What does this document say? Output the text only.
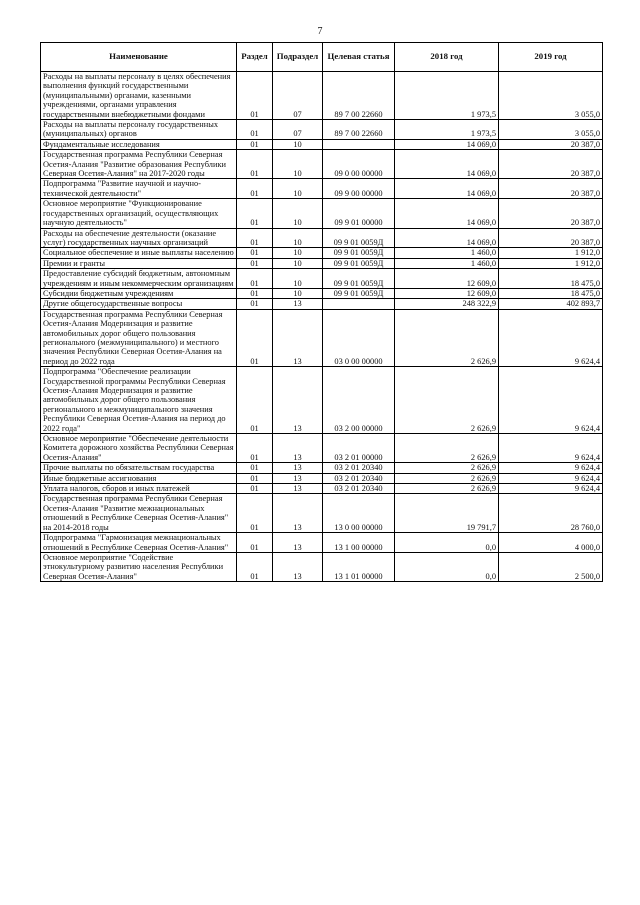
7
Наименование	Раздел	Подраздел	Целевая статья	2018 год	2019 год
Расходы на выплаты персоналу в целях обеспечения выполнения функций государственными (муниципальными) органами, казенными учреждениями, органами управления государственными внебюджетными фондами	01	07	89 7 00 22660	1 973,5	3 055,0
Расходы на выплаты персоналу государственных (муниципальных) органов	01	07	89 7 00 22660	1 973,5	3 055,0
Фундаментальные исследования	01	10		14 069,0	20 387,0
Государственная программа Республики Северная Осетия-Алания "Развитие образования Республики Северная Осетия-Алания" на 2017-2020 годы	01	10	09 0 00 00000	14 069,0	20 387,0
Подпрограмма "Развитие научной и научно-технической деятельности"	01	10	09 9 00 00000	14 069,0	20 387,0
Основное мероприятие "Функционирование государственных организаций, осуществляющих научную деятельность"	01	10	09 9 01 00000	14 069,0	20 387,0
Расходы на обеспечение деятельности (оказание услуг) государственных научных организаций	01	10	09 9 01 0059Д	14 069,0	20 387,0
Социальное обеспечение и иные выплаты населению	01	10	09 9 01 0059Д	1 460,0	1 912,0
Премии и гранты	01	10	09 9 01 0059Д	1 460,0	1 912,0
Предоставление субсидий бюджетным, автономным учреждениям и иным некоммерческим организациям	01	10	09 9 01 0059Д	12 609,0	18 475,0
Субсидии бюджетным учреждениям	01	10	09 9 01 0059Д	12 609,0	18 475,0
Другие общегосударственные вопросы	01	13		248 322,9	402 893,7
Государственная программа Республики Северная Осетия-Алания Модернизация и развитие автомобильных дорог общего пользования регионального (межмуниципального) и местного значения Республики Северная Осетия-Алания на период до 2022 года	01	13	03 0 00 00000	2 626,9	9 624,4
Подпрограмма "Обеспечение реализации Государственной программы Республики Северная Осетия-Алания Модернизация и развитие автомобильных дорог общего пользования регионального и межмуниципального значения Республики Северная Осетия-Алания на период до 2022 года"	01	13	03 2 00 00000	2 626,9	9 624,4
Основное мероприятие "Обеспечение деятельности Комитета дорожного хозяйства Республики Северная Осетия-Алания"	01	13	03 2 01 00000	2 626,9	9 624,4
Прочие выплаты по обязательствам государства	01	13	03 2 01 20340	2 626,9	9 624,4
Иные бюджетные ассигнования	01	13	03 2 01 20340	2 626,9	9 624,4
Уплата налогов, сборов и иных платежей	01	13	03 2 01 20340	2 626,9	9 624,4
Государственная программа Республики Северная Осетия-Алания "Развитие межнациональных отношений в Республике Северная Осетия-Алания" на 2014-2018 годы	01	13	13 0 00 00000	19 791,7	28 760,0
Подпрограмма "Гармонизация межнациональных отношений в Республике Северная Осетия-Алания"	01	13	13 1 00 00000	0,0	4 000,0
Основное мероприятие "Содействие этнокультурному развитию населения Республики Северная Осетия-Алания"	01	13	13 1 01 00000	0,0	2 500,0
